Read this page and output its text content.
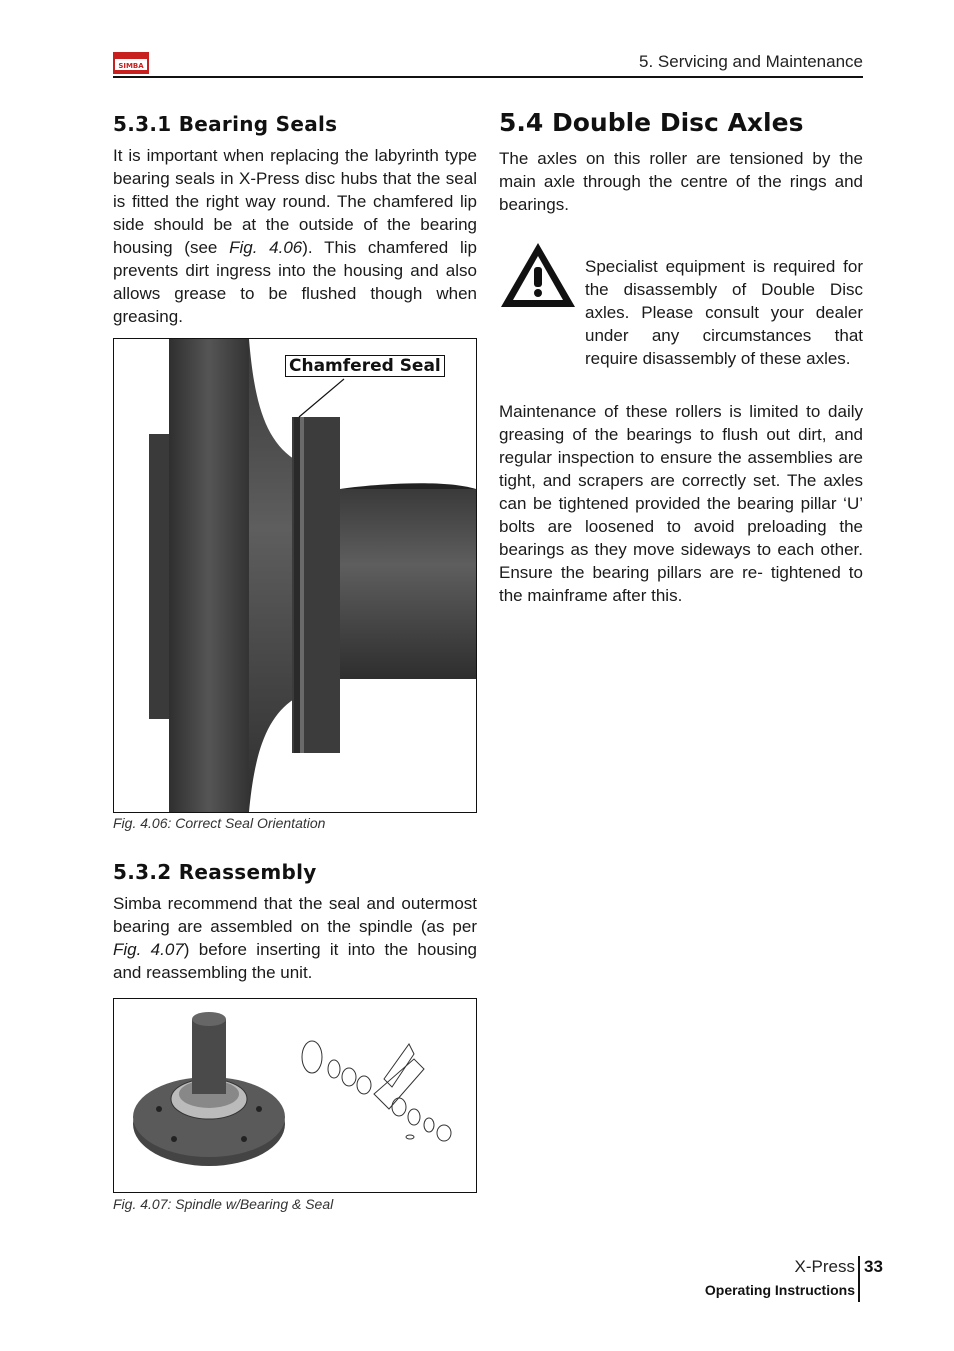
SIMBA	5. Servicing and Maintenance
5.3.1 Bearing Seals

It is important when replacing the labyrinth type bearing seals in X-Press disc hubs that the seal is fitted the right way round. The chamfered lip side should be at the outside of the bearing housing (see Fig. 4.06). This chamfered lip prevents dirt ingress into the housing and also allows grease to be flushed though when greasing.

Chamfered Seal
Fig. 4.06: Correct Seal Orientation
5.3.2 Reassembly

Simba recommend that the seal and outermost bearing are assembled on the spindle (as per Fig. 4.07) before inserting it into the housing and reassembling the unit.

Fig. 4.07: Spindle w/Bearing & Seal
5.4 Double Disc Axles

The axles on this roller are tensioned by the main axle through the centre of the rings and bearings.

Specialist equipment is required for the disassembly of Double Disc axles. Please consult your dealer under any circumstances that require disassembly of these axles.

Maintenance of these rollers is limited to daily greasing of the bearings to flush out dirt, and regular inspection to ensure the assemblies are tight, and scrapers are correctly set. The axles can be tightened provided the bearing pillar ‘U’ bolts are loosened to avoid preloading the bearings as they move sideways to each other. Ensure the bearing pillars are re- tightened to the mainframe after this.

X-Press 33
Operating Instructions
